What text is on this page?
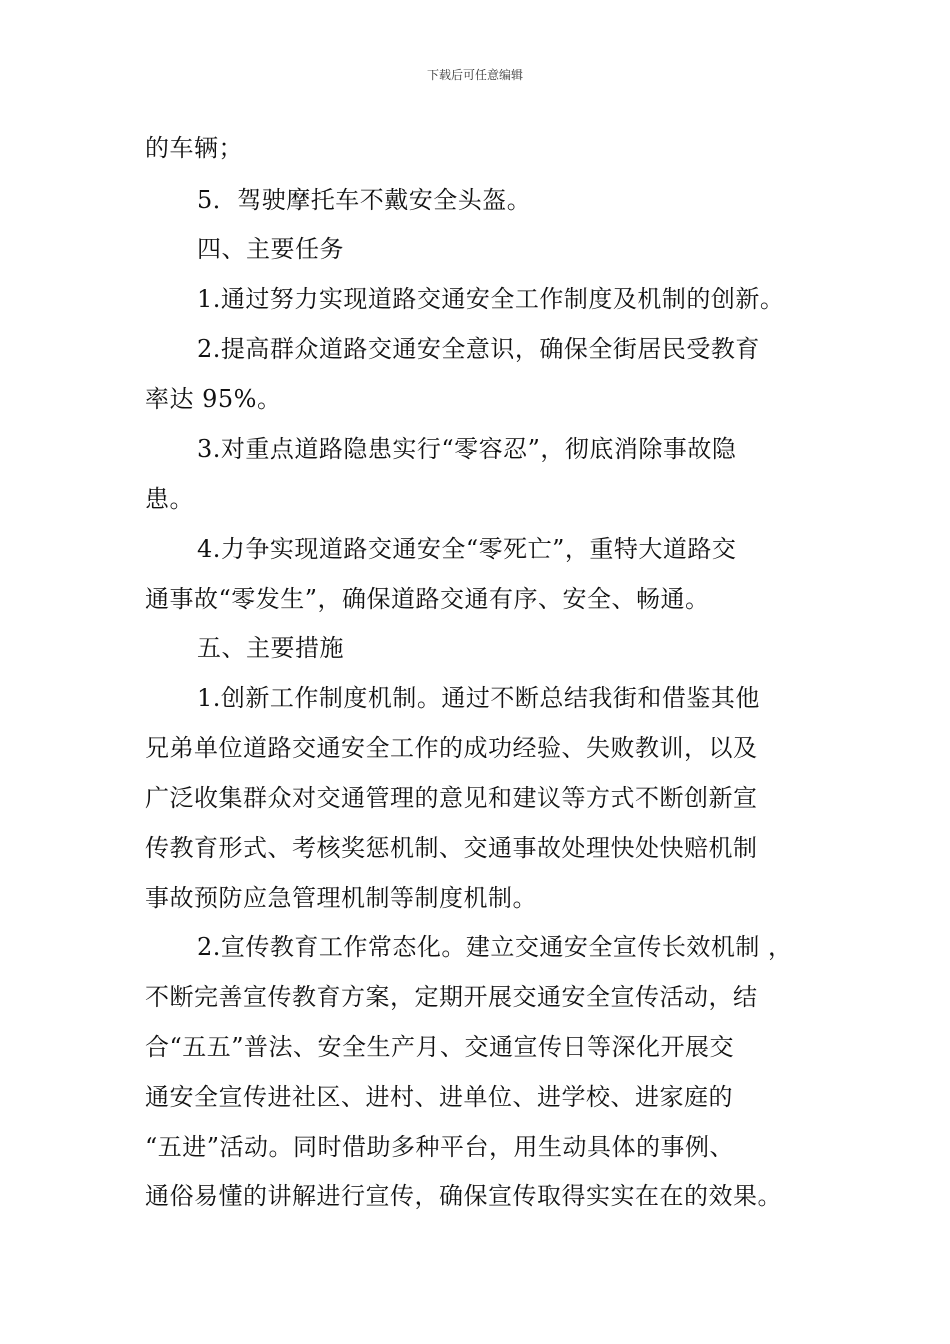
下载后可任意编辑
的车辆；
5．驾驶摩托车不戴安全头盔。
四、主要任务
1.通过努力实现道路交通安全工作制度及机制的创新。
2.提高群众道路交通安全意识，确保全街居民受教育
率达 95%。
3.对重点道路隐患实行“零容忍”，彻底消除事故隐
患。
4.力争实现道路交通安全“零死亡”，重特大道路交
通事故“零发生”，确保道路交通有序、安全、畅通。
五、主要措施
1.创新工作制度机制。通过不断总结我街和借鉴其他
兄弟单位道路交通安全工作的成功经验、失败教训，以及
广泛收集群众对交通管理的意见和建议等方式不断创新宣
传教育形式、考核奖惩机制、交通事故处理快处快赔机制
事故预防应急管理机制等制度机制。
2.宣传教育工作常态化。建立交通安全宣传长效机制 ，
不断完善宣传教育方案，定期开展交通安全宣传活动，结
合“五五”普法、安全生产月、交通宣传日等深化开展交
通安全宣传进社区、进村、进单位、进学校、进家庭的
“五进”活动。同时借助多种平台，用生动具体的事例、
通俗易懂的讲解进行宣传，确保宣传取得实实在在的效果。
